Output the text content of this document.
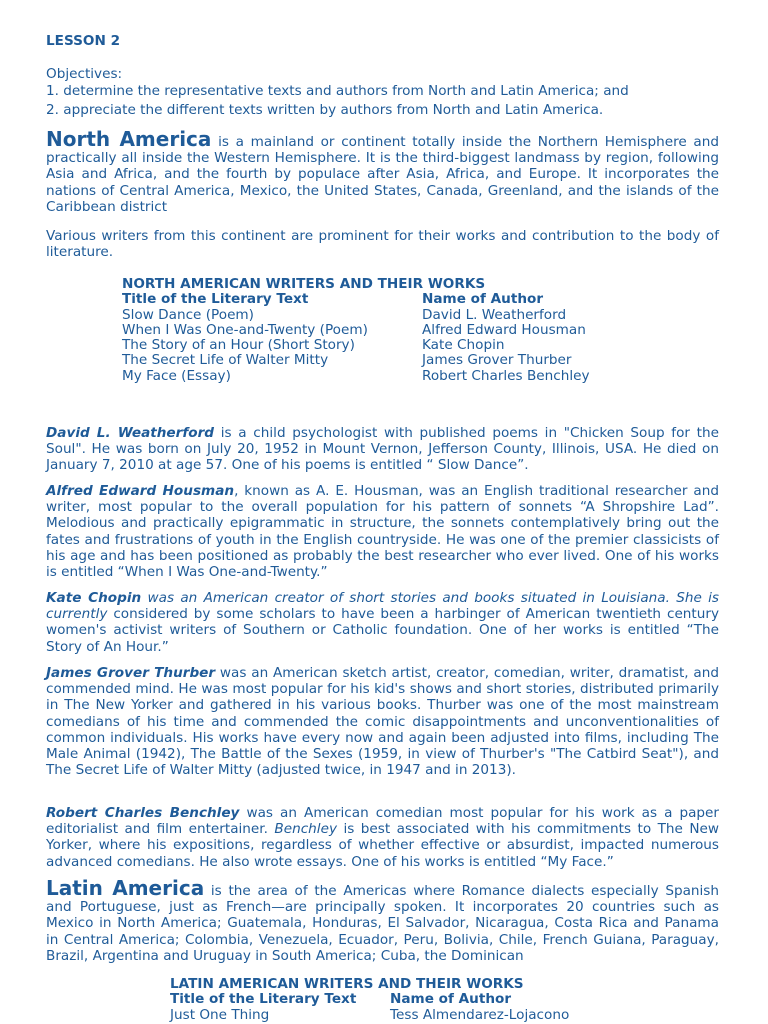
LESSON 2
Objectives:
1. determine the representative texts and authors from North and Latin America; and
2. appreciate the different texts written by authors from North and Latin America.
North America is a mainland or continent totally inside the Northern Hemisphere and practically all inside the Western Hemisphere. It is the third-biggest landmass by region, following Asia and Africa, and the fourth by populace after Asia, Africa, and Europe. It incorporates the nations of Central America, Mexico, the United States, Canada, Greenland, and the islands of the Caribbean district
Various writers from this continent are prominent for their works and contribution to the body of literature.
NORTH AMERICAN WRITERS AND THEIR WORKS
Title of the Literary Text	Name of Author
Slow Dance (Poem)	David L. Weatherford
When I Was One-and-Twenty (Poem)	Alfred Edward Housman
The Story of an Hour (Short Story)	Kate Chopin
The Secret Life of Walter Mitty	James Grover Thurber
My Face (Essay)	Robert Charles Benchley
David L. Weatherford is a child psychologist with published poems in "Chicken Soup for the Soul". He was born on July 20, 1952 in Mount Vernon, Jefferson County, Illinois, USA. He died on January 7, 2010 at age 57. One of his poems is entitled “ Slow Dance”.
Alfred Edward Housman, known as A. E. Housman, was an English traditional researcher and writer, most popular to the overall population for his pattern of sonnets “A Shropshire Lad”. Melodious and practically epigrammatic in structure, the sonnets contemplatively bring out the fates and frustrations of youth in the English countryside. He was one of the premier classicists of his age and has been positioned as probably the best researcher who ever lived. One of his works is entitled “When I Was One-and-Twenty.”
Kate Chopin was an American creator of short stories and books situated in Louisiana. She is currently considered by some scholars to have been a harbinger of American twentieth century women's activist writers of Southern or Catholic foundation. One of her works is entitled “The Story of An Hour.”
James Grover Thurber was an American sketch artist, creator, comedian, writer, dramatist, and commended mind. He was most popular for his kid's shows and short stories, distributed primarily in The New Yorker and gathered in his various books. Thurber was one of the most mainstream comedians of his time and commended the comic disappointments and unconventionalities of common individuals. His works have every now and again been adjusted into films, including The Male Animal (1942), The Battle of the Sexes (1959, in view of Thurber's "The Catbird Seat"), and The Secret Life of Walter Mitty (adjusted twice, in 1947 and in 2013).
Robert Charles Benchley was an American comedian most popular for his work as a paper editorialist and film entertainer. Benchley is best associated with his commitments to The New Yorker, where his expositions, regardless of whether effective or absurdist, impacted numerous advanced comedians. He also wrote essays. One of his works is entitled “My Face.”
Latin America is the area of the Americas where Romance dialects especially Spanish and Portuguese, just as French—are principally spoken. It incorporates 20 countries such as Mexico in North America; Guatemala, Honduras, El Salvador, Nicaragua, Costa Rica and Panama in Central America; Colombia, Venezuela, Ecuador, Peru, Bolivia, Chile, French Guiana, Paraguay, Brazil, Argentina and Uruguay in South America; Cuba, the Dominican
LATIN AMERICAN WRITERS AND THEIR WORKS
Title of the Literary Text	Name of Author
Just One Thing	Tess Almendarez-Lojacono
